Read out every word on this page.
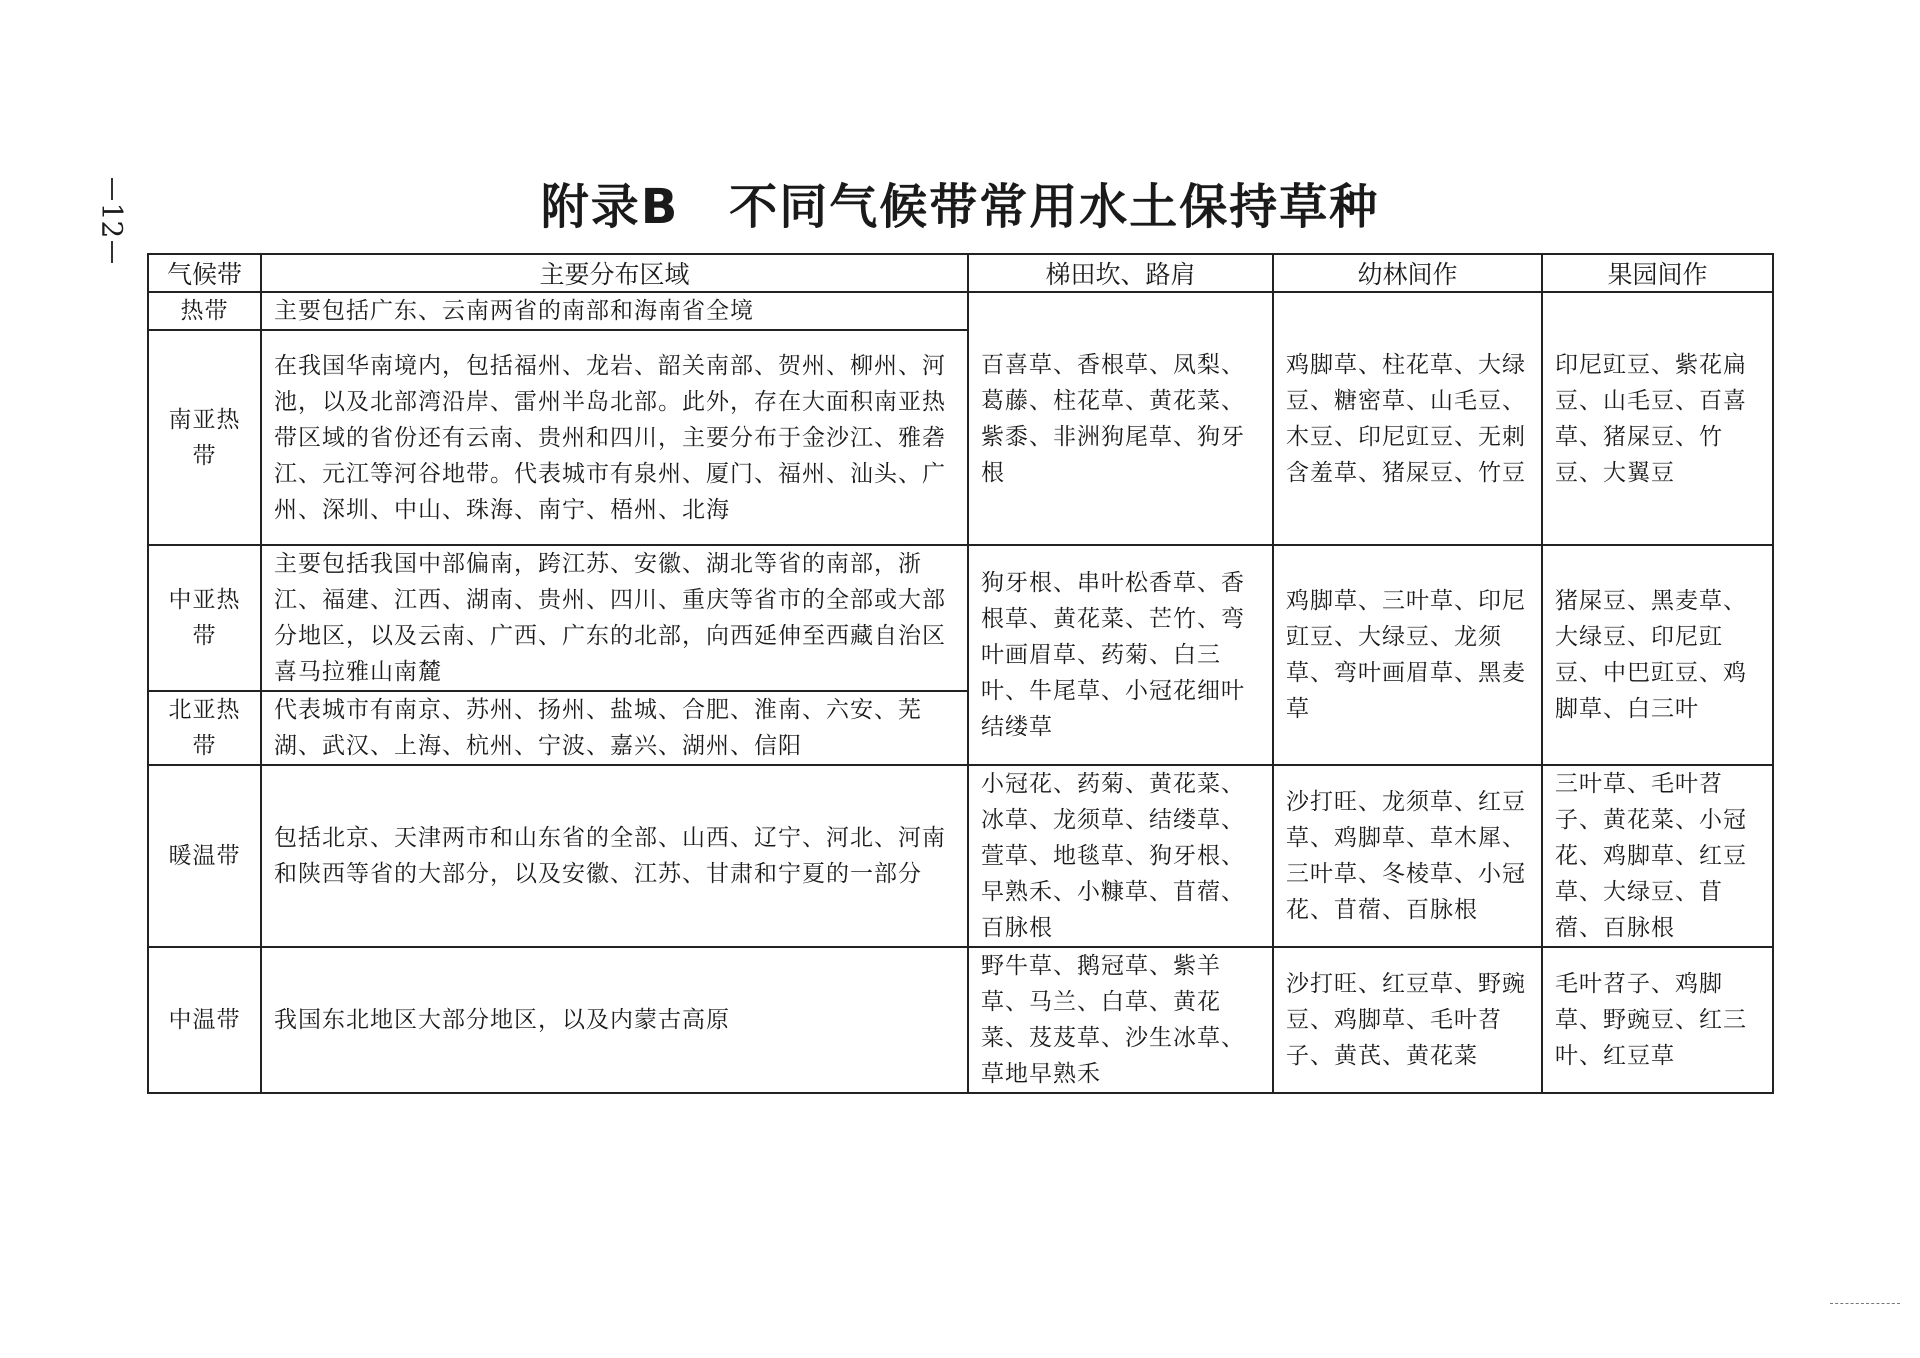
12	附录B　不同气候带常用水土保持草种
气候带	主要分布区域	梯田坎、路肩	幼林间作	果园间作
热带	主要包括广东、云南两省的南部和海南省全境	百喜草、香根草、凤梨、葛藤、柱花草、黄花菜、紫黍、非洲狗尾草、狗牙根	鸡脚草、柱花草、大绿豆、糖密草、山毛豆、木豆、印尼豇豆、无刺含羞草、猪屎豆、竹豆	印尼豇豆、紫花扁豆、山毛豆、百喜草、猪屎豆、竹豆、大翼豆
南亚热带	在我国华南境内，包括福州、龙岩、韶关南部、贺州、柳州、河池，以及北部湾沿岸、雷州半岛北部。此外，存在大面积南亚热带区域的省份还有云南、贵州和四川，主要分布于金沙江、雅砻江、元江等河谷地带。代表城市有泉州、厦门、福州、汕头、广州、深圳、中山、珠海、南宁、梧州、北海			
中亚热带	主要包括我国中部偏南，跨江苏、安徽、湖北等省的南部，浙江、福建、江西、湖南、贵州、四川、重庆等省市的全部或大部分地区，以及云南、广西、广东的北部，向西延伸至西藏自治区喜马拉雅山南麓	狗牙根、串叶松香草、香根草、黄花菜、芒竹、弯叶画眉草、药菊、白三叶、牛尾草、小冠花细叶结缕草	鸡脚草、三叶草、印尼豇豆、大绿豆、龙须草、弯叶画眉草、黑麦草	猪屎豆、黑麦草、大绿豆、印尼豇豆、中巴豇豆、鸡脚草、白三叶
北亚热带	代表城市有南京、苏州、扬州、盐城、合肥、淮南、六安、芜湖、武汉、上海、杭州、宁波、嘉兴、湖州、信阳			
暖温带	包括北京、天津两市和山东省的全部、山西、辽宁、河北、河南和陕西等省的大部分，以及安徽、江苏、甘肃和宁夏的一部分	小冠花、药菊、黄花菜、冰草、龙须草、结缕草、萱草、地毯草、狗牙根、早熟禾、小糠草、苜蓿、百脉根	沙打旺、龙须草、红豆草、鸡脚草、草木犀、三叶草、冬棱草、小冠花、苜蓿、百脉根	三叶草、毛叶苕子、黄花菜、小冠花、鸡脚草、红豆草、大绿豆、苜蓿、百脉根
中温带	我国东北地区大部分地区，以及内蒙古高原	野牛草、鹅冠草、紫羊草、马兰、白草、黄花菜、芨芨草、沙生冰草、草地早熟禾	沙打旺、红豆草、野豌豆、鸡脚草、毛叶苕子、黄芪、黄花菜	毛叶苕子、鸡脚草、野豌豆、红三叶、红豆草
